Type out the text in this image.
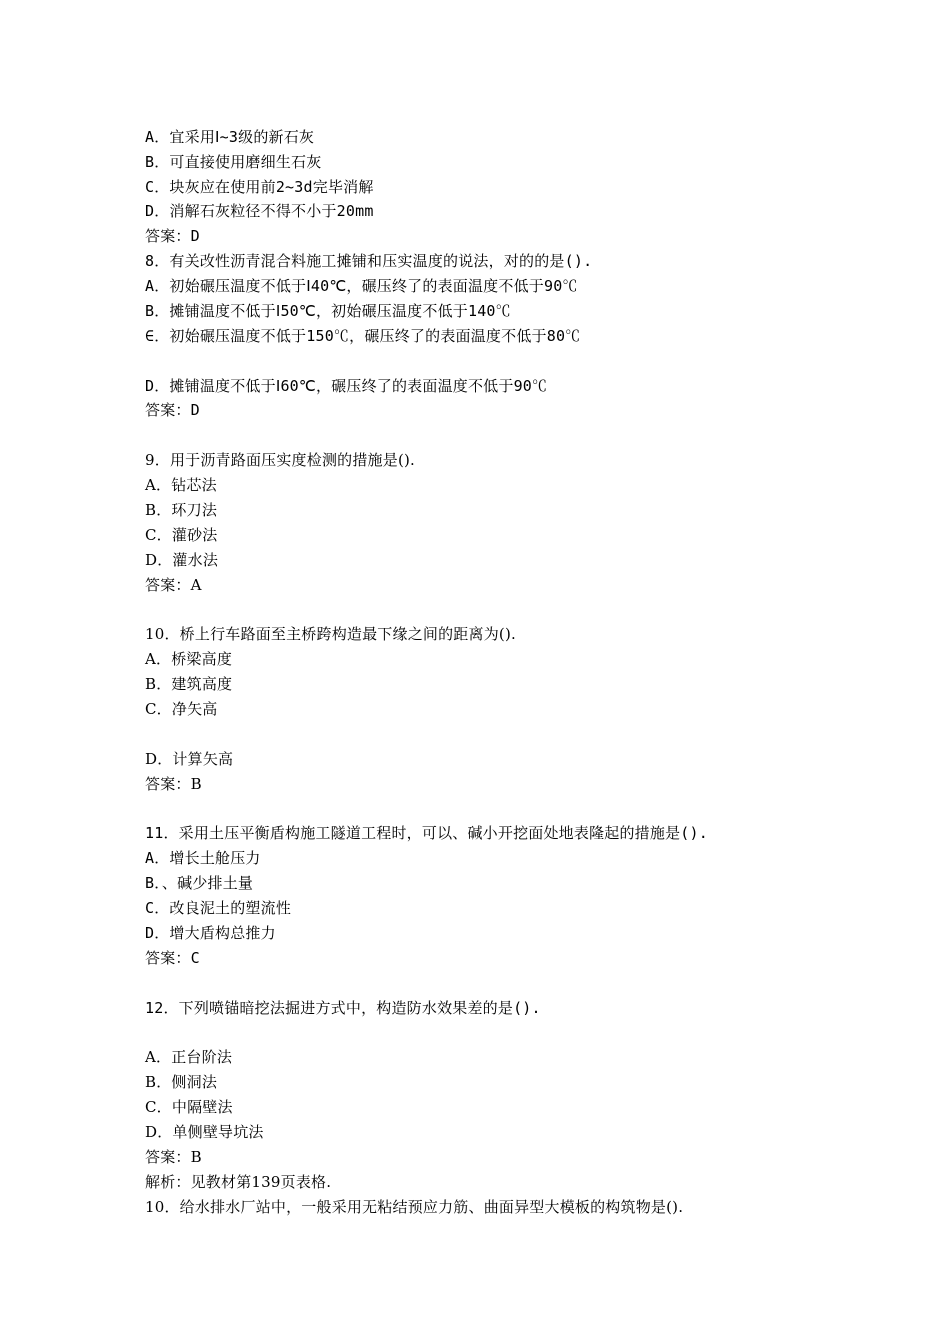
A．宜采用Ⅰ~3级的新石灰
B．可直接使用磨细生石灰
C．块灰应在使用前2~3d完毕消解
D．消解石灰粒径不得不小于20mm
答案：D
8．有关改性沥青混合料施工摊铺和压实温度的说法，对的的是().
A．初始碾压温度不低于Ⅰ40℃，碾压终了的表面温度不低于90℃
B．摊铺温度不低于Ⅰ50℃，初始碾压温度不低于140℃
∈．初始碾压温度不低于150℃，碾压终了的表面温度不低于80℃
D．摊铺温度不低于Ⅰ60℃，碾压终了的表面温度不低于90℃
答案：D
9．用于沥青路面压实度检测的措施是().
A．钻芯法
B．环刀法
C．灌砂法
D．灌水法
答案：A
10．桥上行车路面至主桥跨构造最下缘之间的距离为().
A．桥梁高度
B．建筑高度
C．净矢高
D．计算矢高
答案：B
11．采用土压平衡盾构施工隧道工程时，可以、碱小开挖面处地表隆起的措施是().
A．增长土舱压力
B．、碱少排土量
C．改良泥土的塑流性
D．增大盾构总推力
答案：C
12．下列喷锚暗挖法掘进方式中，构造防水效果差的是().
A．正台阶法
B．侧洞法
C．中隔壁法
D．单侧壁导坑法
答案：B
解析：见教材第139页表格.
10．给水排水厂站中，一般采用无粘结预应力筋、曲面异型大模板的构筑物是().
